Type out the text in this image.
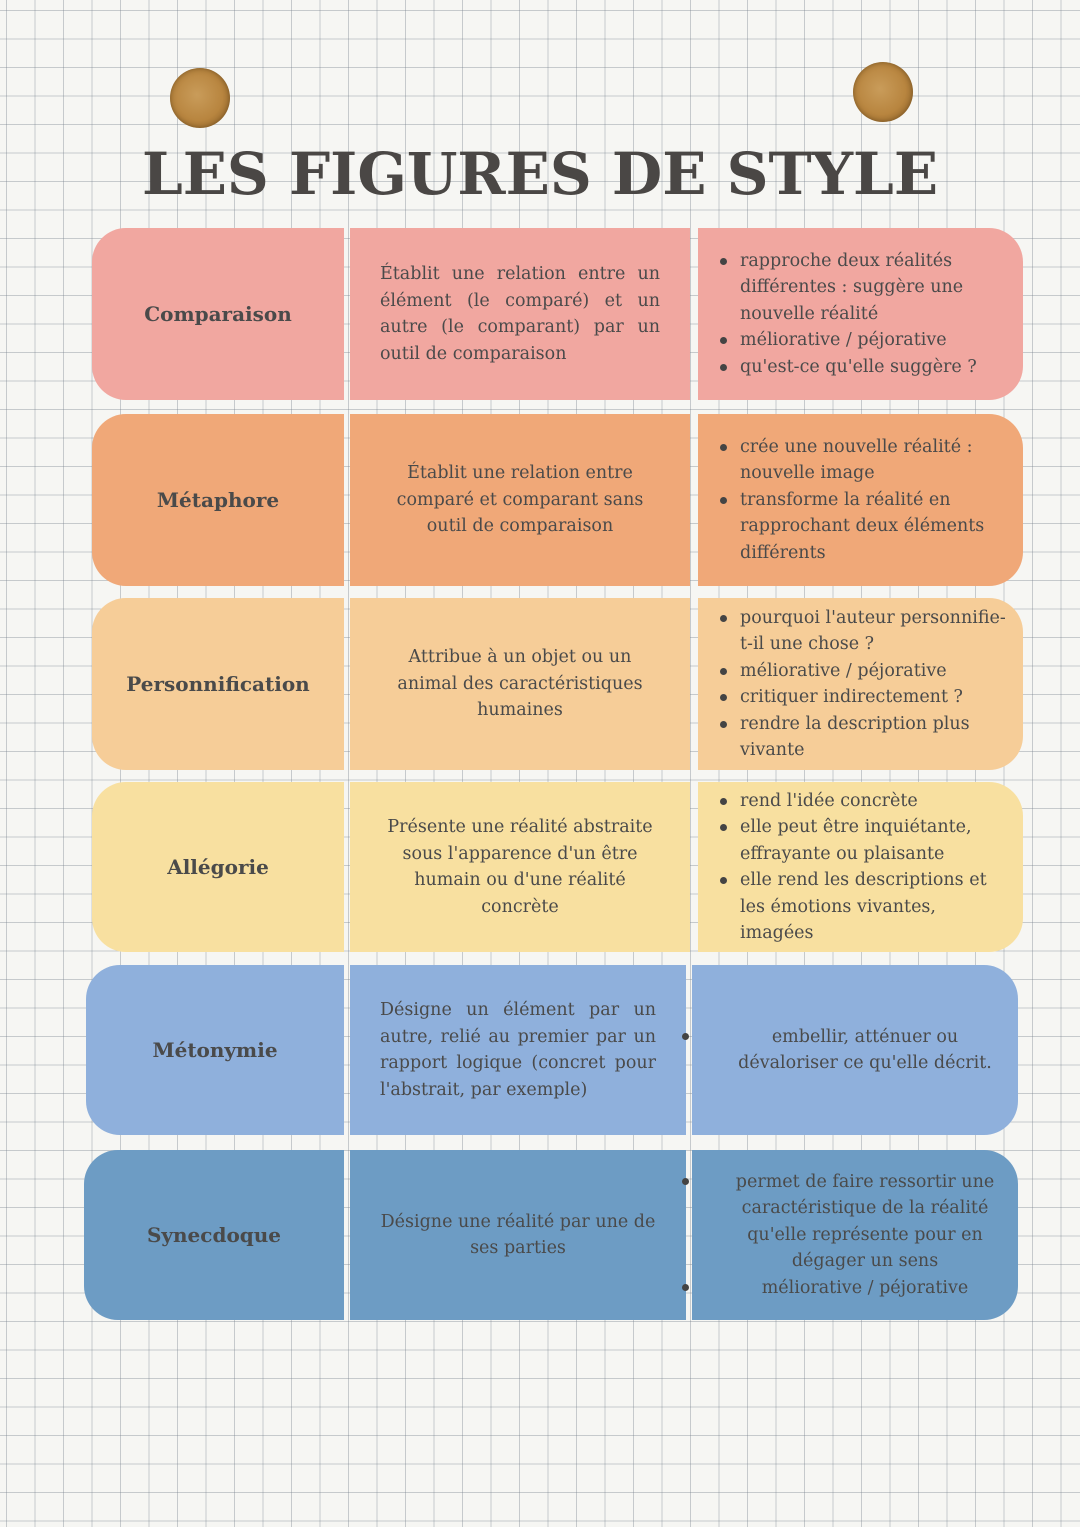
LES FIGURES DE STYLE
Comparaison
Établit une relation entre un élément (le comparé) et un autre (le comparant) par un outil de comparaison
rapproche deux réalités différentes : suggère une nouvelle réalité
méliorative / péjorative
qu'est-ce qu'elle suggère ?
Métaphore
Établit une relation entre comparé et comparant sans outil de comparaison
crée une nouvelle réalité : nouvelle image
transforme la réalité en rapprochant deux éléments différents
Personnification
Attribue à un objet ou un animal des caractéristiques humaines
pourquoi l'auteur personnifie-t-il une chose ?
méliorative / péjorative
critiquer indirectement ?
rendre la description plus vivante
Allégorie
Présente une réalité abstraite sous l'apparence d'un être humain ou d'une réalité concrète
rend l'idée concrète
elle peut être inquiétante, effrayante ou plaisante
elle rend les descriptions et les émotions vivantes, imagées
Métonymie
Désigne un élément par un autre, relié au premier par un rapport logique (concret pour l'abstrait, par exemple)
embellir, atténuer ou dévaloriser ce qu'elle décrit.
Synecdoque
Désigne une réalité par une de ses parties
permet de faire ressortir une caractéristique de la réalité qu'elle représente pour en dégager un sens
méliorative / péjorative
